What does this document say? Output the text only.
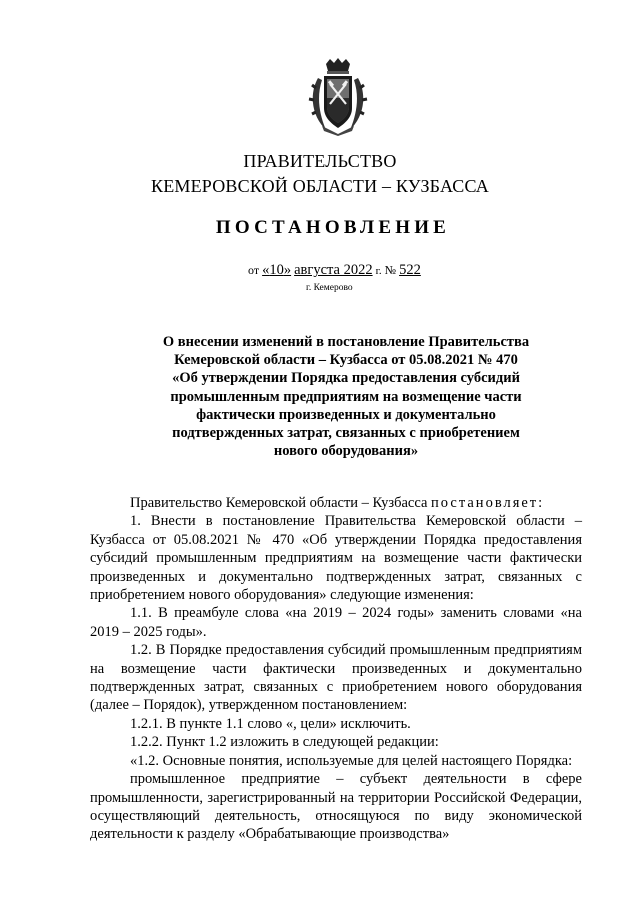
ПРАВИТЕЛЬСТВО
КЕМЕРОВСКОЙ ОБЛАСТИ – КУЗБАССА
ПОСТАНОВЛЕНИЕ
от «10» августа 2022 г. № 522
г. Кемерово
О внесении изменений в постановление Правительства
Кемеровской области – Кузбасса от 05.08.2021 № 470
«Об утверждении Порядка предоставления субсидий
промышленным предприятиям на возмещение части
фактически произведенных и документально
подтвержденных затрат, связанных с приобретением
нового оборудования»

Правительство Кемеровской области – Кузбасса постановляет:

1. Внести в постановление Правительства Кемеровской области – Кузбасса от 05.08.2021 № 470 «Об утверждении Порядка предоставления субсидий промышленным предприятиям на возмещение части фактически произведенных и документально подтвержденных затрат, связанных с приобретением нового оборудования» следующие изменения:

1.1. В преамбуле слова «на 2019 – 2024 годы» заменить словами «на 2019 – 2025 годы».

1.2. В Порядке предоставления субсидий промышленным предприятиям на возмещение части фактически произведенных и документально подтвержденных затрат, связанных с приобретением нового оборудования (далее – Порядок), утвержденном постановлением:

1.2.1. В пункте 1.1 слово «, цели» исключить.

1.2.2. Пункт 1.2 изложить в следующей редакции:

«1.2. Основные понятия, используемые для целей настоящего Порядка:

промышленное предприятие – субъект деятельности в сфере промышленности, зарегистрированный на территории Российской Федерации, осуществляющий деятельность, относящуюся по виду экономической деятельности к разделу «Обрабатывающие производства»
